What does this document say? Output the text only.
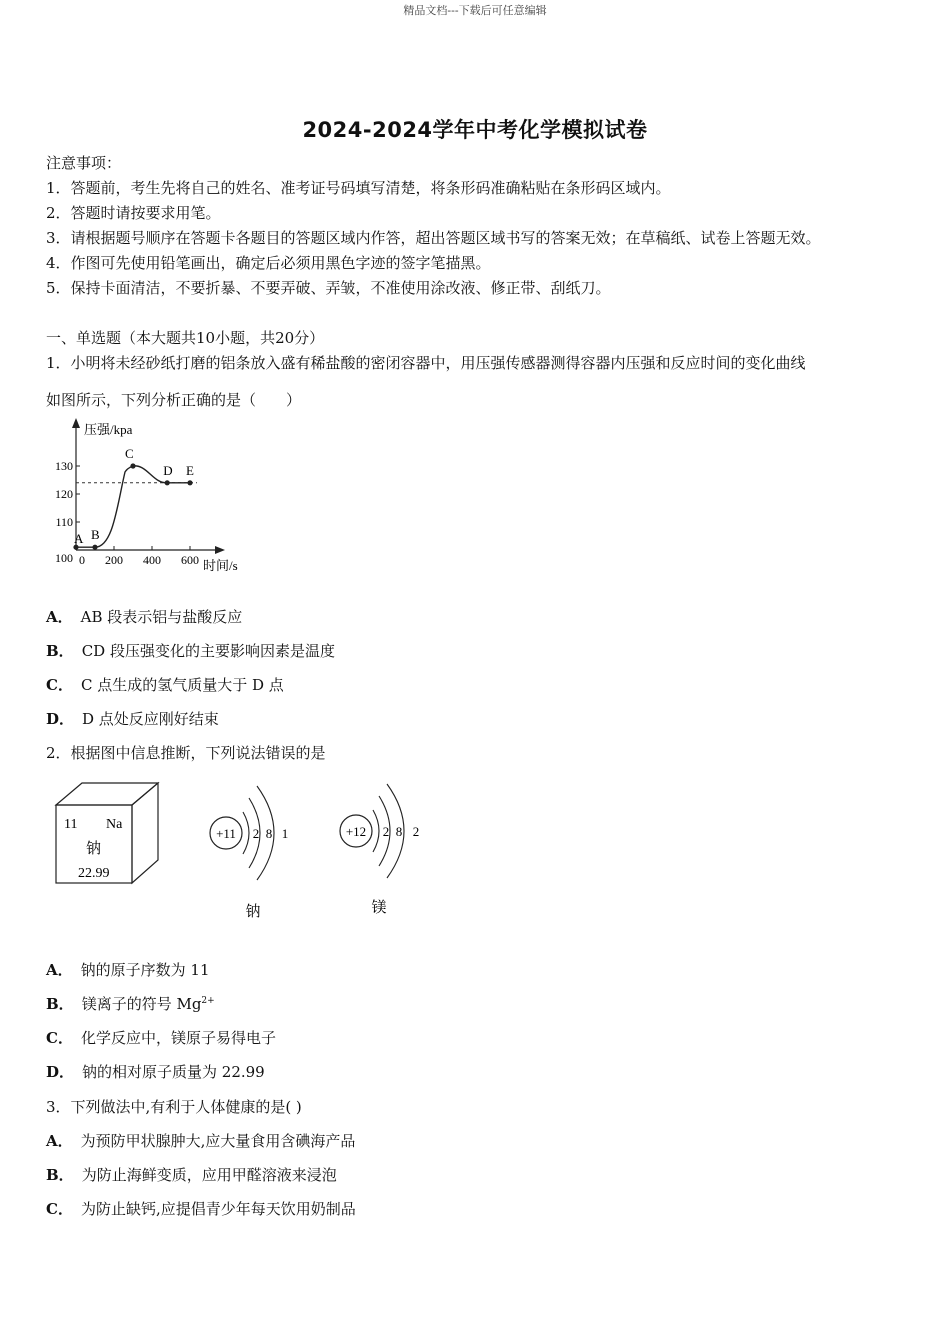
精品文档---下载后可任意编辑
2024-2024学年中考化学模拟试卷
注意事项：
1．答题前，考生先将自己的姓名、准考证号码填写清楚，将条形码准确粘贴在条形码区域内。
2．答题时请按要求用笔。
3．请根据题号顺序在答题卡各题目的答题区域内作答，超出答题区域书写的答案无效；在草稿纸、试卷上答题无效。
4．作图可先使用铅笔画出，确定后必须用黑色字迹的签字笔描黑。
5．保持卡面清洁，不要折暴、不要弄破、弄皱，不准使用涂改液、修正带、刮纸刀。
一、单选题（本大题共10小题，共20分）
1．小明将未经砂纸打磨的铝条放入盛有稀盐酸的密闭容器中，用压强传感器测得容器内压强和反应时间的变化曲线
如图所示，下列分析正确的是（　　）
压强/kpa
时间/s
0 200 400 600
100
110
120
130
A B
C
D E
A． AB 段表示铝与盐酸反应
B． CD 段压强变化的主要影响因素是温度
C． C 点生成的氢气质量大于 D 点
D． D 点处反应刚好结束
2．根据图中信息推断，下列说法错误的是
11 Na
钠
22.99
+11 2 8 1
钠
+12 2 8 2
镁
A． 钠的原子序数为 11
B． 镁离子的符号 $Mg^{2+}$
C． 化学反应中，镁原子易得电子
D． 钠的相对原子质量为 22.99
3．下列做法中,有利于人体健康的是( )
A． 为预防甲状腺肿大,应大量食用含碘海产品
B． 为防止海鲜变质，应用甲醛溶液来浸泡
C． 为防止缺钙,应提倡青少年每天饮用奶制品
